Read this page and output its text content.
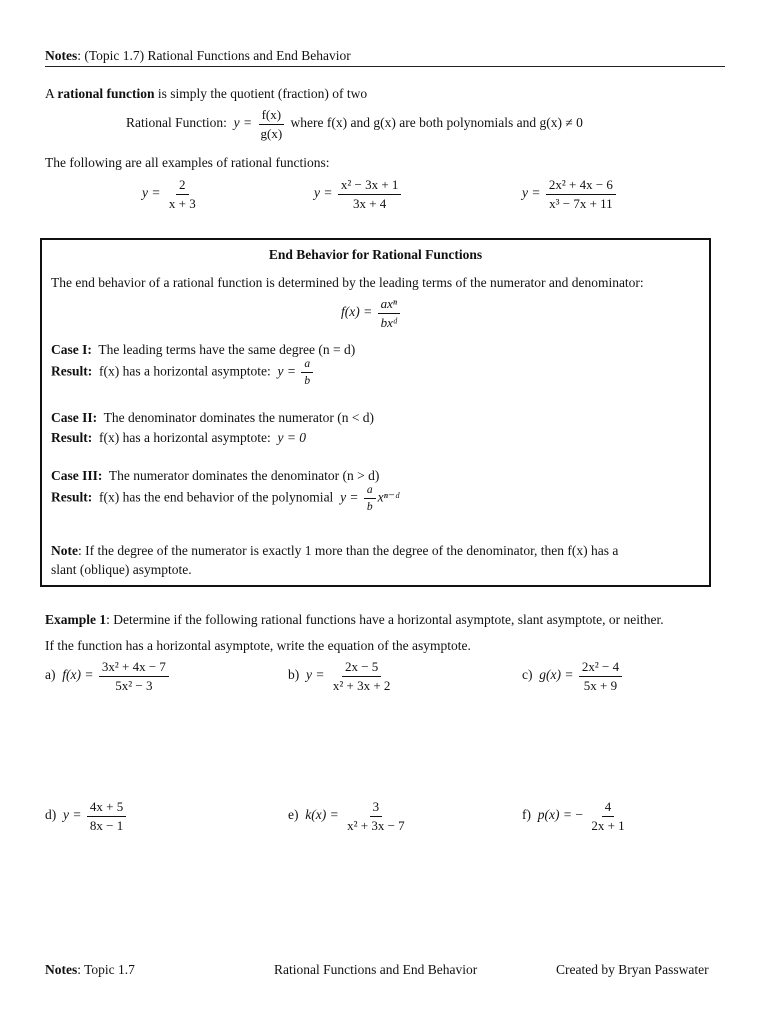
Notes: (Topic 1.7) Rational Functions and End Behavior
A rational function is simply the quotient (fraction) of two
Rational Function: $y = \frac{f(x)}{g(x)}$ where f(x) and g(x) are both polynomials and g(x) ≠ 0
The following are all examples of rational functions:
$y = \frac{2}{x + 3}$	$y = \frac{\text{x² − 3x + 1}}{3x + 4}$	$y = \frac{\text{2x² + 4x − 6}}{\text{x³ − 7x + 11}}$
End Behavior for Rational Functions
The end behavior of a rational function is determined by the leading terms of the numerator and denominator:
$f(x) = \frac{\text{axⁿ}}{\text{bxᵈ}}$
Case I: The leading terms have the same degree (n = d)
Result: f(x) has a horizontal asymptote: $y = \frac{a}{b}$
Case II: The denominator dominates the numerator (n < d)
Result: f(x) has a horizontal asymptote: y = 0
Case III: The numerator dominates the denominator (n > d)
Result: f(x) has the end behavior of the polynomial $y = \frac{a}{b}$ xⁿ⁻ᵈ
Note: If the degree of the numerator is exactly 1 more than the degree of the denominator, then f(x) has a
slant (oblique) asymptote.
Example 1: Determine if the following rational functions have a horizontal asymptote, slant asymptote, or neither.
If the function has a horizontal asymptote, write the equation of the asymptote.
a) $f(x) = \frac{\text{3x² + 4x − 7}}{\text{5x² − 3}}$	b) $y = \frac{2x - 5}{\text{x² + 3x + 2}}$	c) $g(x) = \frac{\text{2x² − 4}}{5x + 9}$
d) $y = \frac{4x + 5}{8x - 1}$	e) $k(x) = \frac{3}{\text{x² + 3x − 7}}$	f) p(x) = − $\frac{4}{2x + 1}$
Notes: Topic 1.7	Rational Functions and End Behavior	Created by Bryan Passwater
